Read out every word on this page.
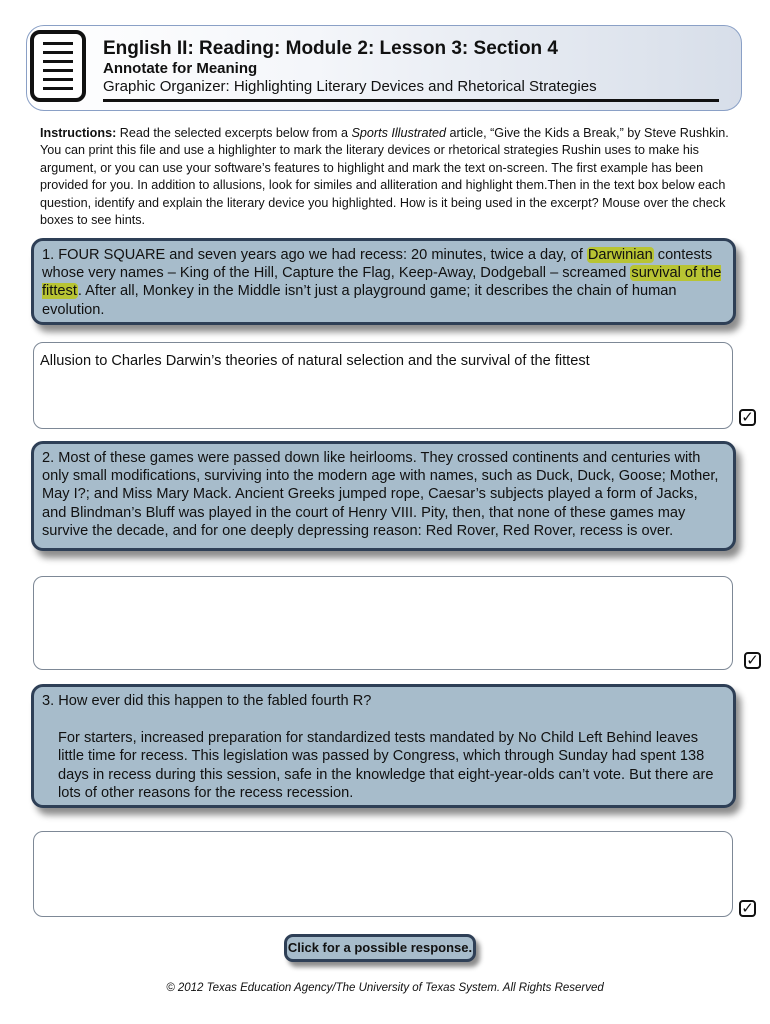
English II: Reading: Module 2: Lesson 3: Section 4
Annotate for Meaning
Graphic Organizer: Highlighting Literary Devices and Rhetorical Strategies
Instructions: Read the selected excerpts below from a Sports Illustrated article, “Give the Kids a Break,” by Steve Rushkin. You can print this file and use a highlighter to mark the literary devices or rhetorical strategies Rushin uses to make his argument, or you can use your software’s features to highlight and mark the text on-screen. The first example has been provided for you. In addition to allusions, look for similes and alliteration and highlight them.Then in the text box below each question, identify and explain the literary device you highlighted. How is it being used in the excerpt? Mouse over the check boxes to see hints.
1. FOUR SQUARE and seven years ago we had recess: 20 minutes, twice a day, of Darwinian contests whose very names – King of the Hill, Capture the Flag, Keep-Away, Dodgeball – screamed survival of the fittest. After all, Monkey in the Middle isn’t just a playground game; it describes the chain of human evolution.
Allusion to Charles Darwin’s theories of natural selection and the survival of the fittest
✓
2. Most of these games were passed down like heirlooms. They crossed continents and centuries with only small modifications, surviving into the modern age with names, such as Duck, Duck, Goose; Mother, May I?; and Miss Mary Mack. Ancient Greeks jumped rope, Caesar’s subjects played a form of Jacks, and Blindman’s Bluff was played in the court of Henry VIII. Pity, then, that none of these games may survive the decade, and for one deeply depressing reason: Red Rover, Red Rover, recess is over.
✓

3. How ever did this happen to the fabled fourth R?

For starters, increased preparation for standardized tests mandated by No Child Left Behind leaves little time for recess. This legislation was passed by Congress, which through Sunday had spent 138 days in recess during this session, safe in the knowledge that eight-year-olds can’t vote. But there are lots of other reasons for the recess recession.

✓
Click for a possible response.
© 2012 Texas Education Agency/The University of Texas System. All Rights Reserved
